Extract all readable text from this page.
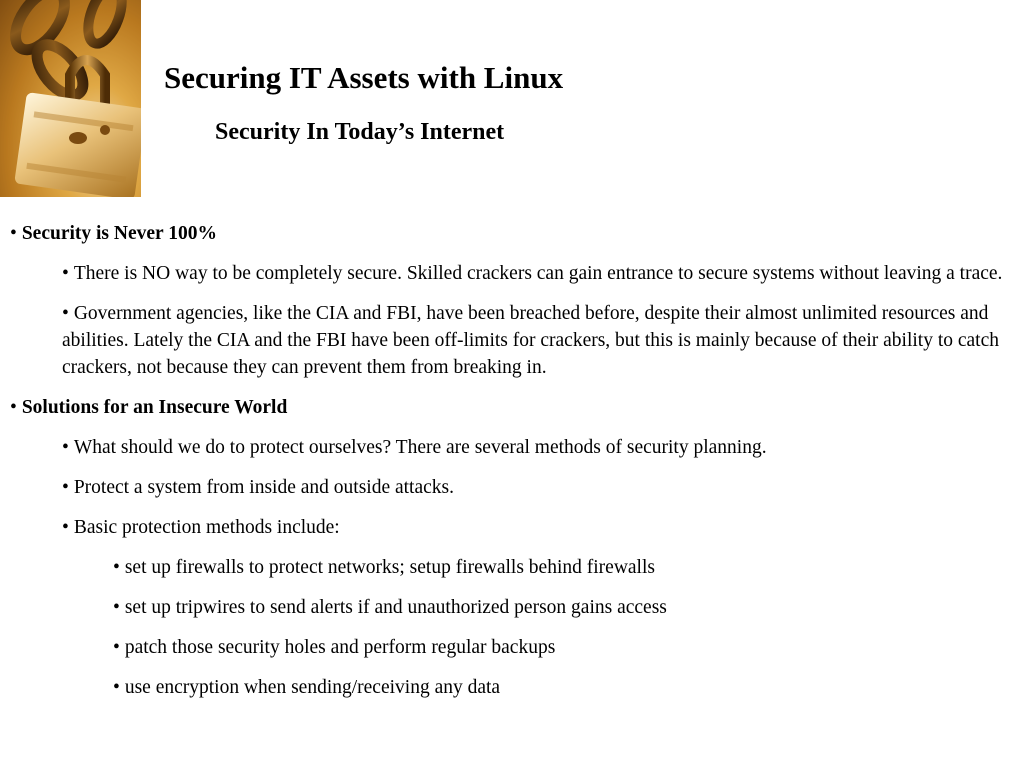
Securing IT Assets with Linux
Security In Today’s Internet

• Security is Never 100%

• There is NO way to be completely secure. Skilled crackers can gain entrance to secure systems without leaving a trace.

• Government agencies, like the CIA and FBI, have been breached before, despite their almost unlimited resources and abilities. Lately the CIA and the FBI have been off-limits for crackers, but this is mainly because of their ability to catch crackers, not because they can prevent them from breaking in.

• Solutions for an Insecure World

• What should we do to protect ourselves? There are several methods of security planning.

• Protect a system from inside and outside attacks.

• Basic protection methods include:

• set up firewalls to protect networks; setup firewalls behind firewalls

• set up tripwires to send alerts if and unauthorized person gains access

• patch those security holes and perform regular backups

• use encryption when sending/receiving any data
